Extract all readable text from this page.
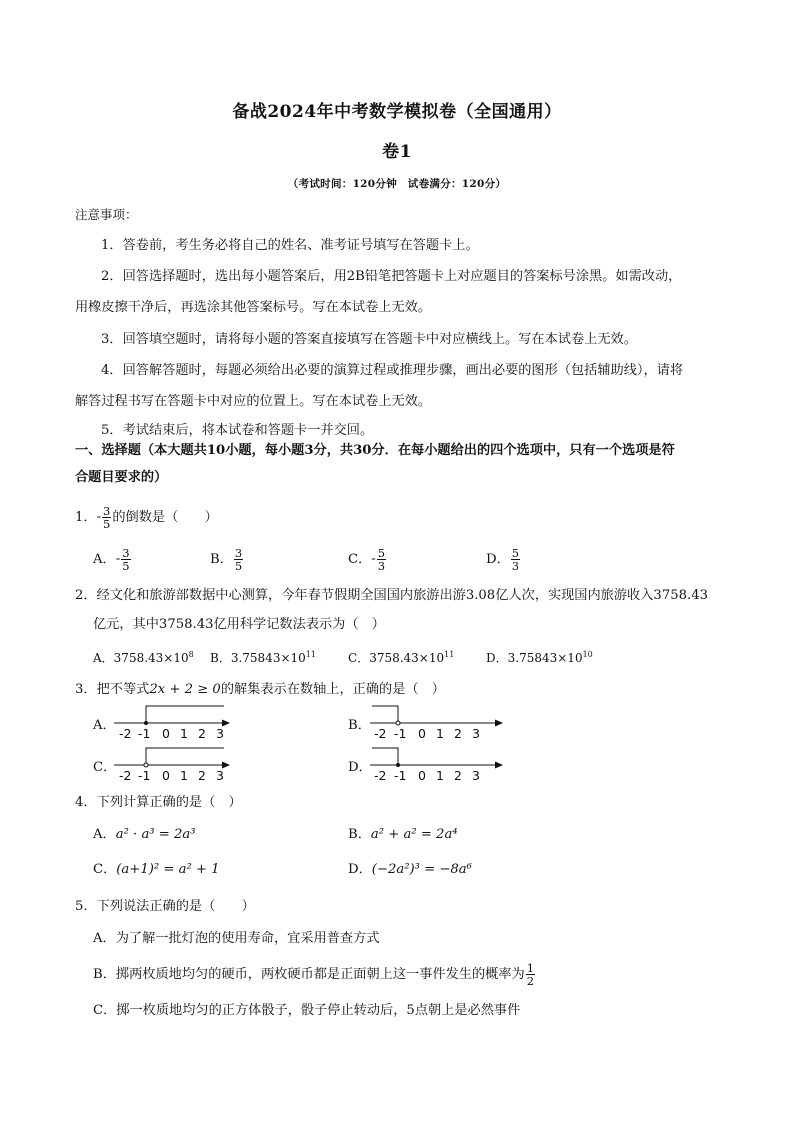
备战2024年中考数学模拟卷（全国通用）
卷1
（考试时间：120分钟　试卷满分：120分）
注意事项：
1．答卷前，考生务必将自己的姓名、准考证号填写在答题卡上。
2．回答选择题时，选出每小题答案后，用2B铅笔把答题卡上对应题目的答案标号涂黑。如需改动，
用橡皮擦干净后，再选涂其他答案标号。写在本试卷上无效。
3．回答填空题时，请将每小题的答案直接填写在答题卡中对应横线上。写在本试卷上无效。
4．回答解答题时，每题必须给出必要的演算过程或推理步骤，画出必要的图形（包括辅助线），请将
解答过程书写在答题卡中对应的位置上。写在本试卷上无效。
5．考试结束后，将本试卷和答题卡一并交回。
一、选择题（本大题共10小题，每小题3分，共30分．在每小题给出的四个选项中，只有一个选项是符
合题目要求的）
1．- $\frac{3}{5}$ 的倒数是（　　）
A．- $\frac{3}{5}$	B． $\frac{3}{5}$	C．- $\frac{5}{3}$	D． $\frac{5}{3}$
2．经文化和旅游部数据中心测算，今年春节假期全国国内旅游出游3.08亿人次，实现国内旅游收入3758.43
亿元，其中3758.43亿用科学记数法表示为（　）
A．$3758.43\times 10^8$ B．$3.75843\times 10^{11}$	C．$3758.43\times 10^{11}$	D．$3.75843\times 10^{10}$
3．把不等式2x + 2 ≥ 0的解集表示在数轴上，正确的是（　）
A．
-2 -1 0 1 2 3
B．
-2 -1 0 1 2 3
C．
-2 -1 0 1 2 3
D．
-2 -1 0 1 2 3
4．下列计算正确的是（　）
A．a² · a³ = 2a³	B．a² + a² = 2a⁴
C．(a+1)² = a² + 1	D．(−2a²)³ = −8a⁶
5．下列说法正确的是（　　）
A．为了解一批灯泡的使用寿命，宜采用普查方式
B．掷两枚质地均匀的硬币，两枚硬币都是正面朝上这一事件发生的概率为 $\frac{1}{2}$
C．掷一枚质地均匀的正方体骰子，骰子停止转动后，5点朝上是必然事件
